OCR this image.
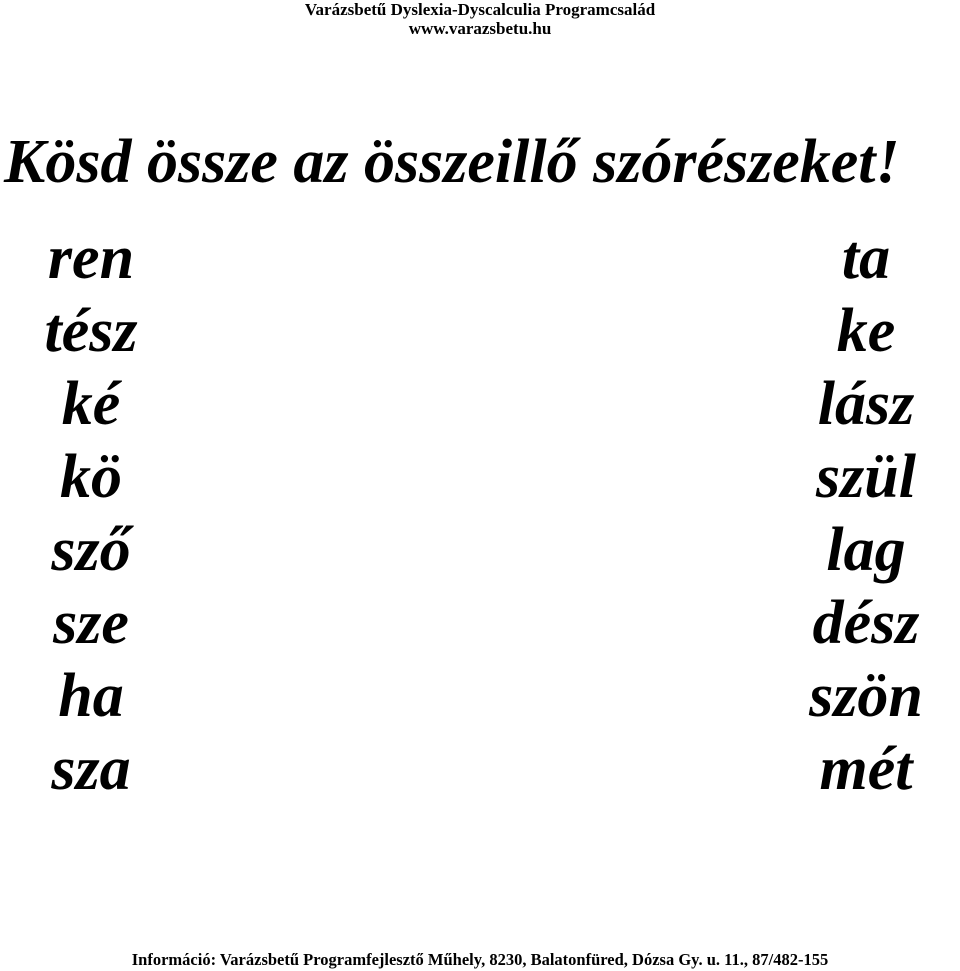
Varázsbetű Dyslexia-Dyscalculia Programcsalád
www.varazsbetu.hu
Kösd össze az összeillő szórészeket!
ren
tész
ké
kö
sző
sze
ha
sza
ta
ke
lász
szül
lag
dész
szön
mét
Információ: Varázsbetű Programfejlesztő Műhely, 8230, Balatonfüred, Dózsa Gy. u. 11., 87/482-155
